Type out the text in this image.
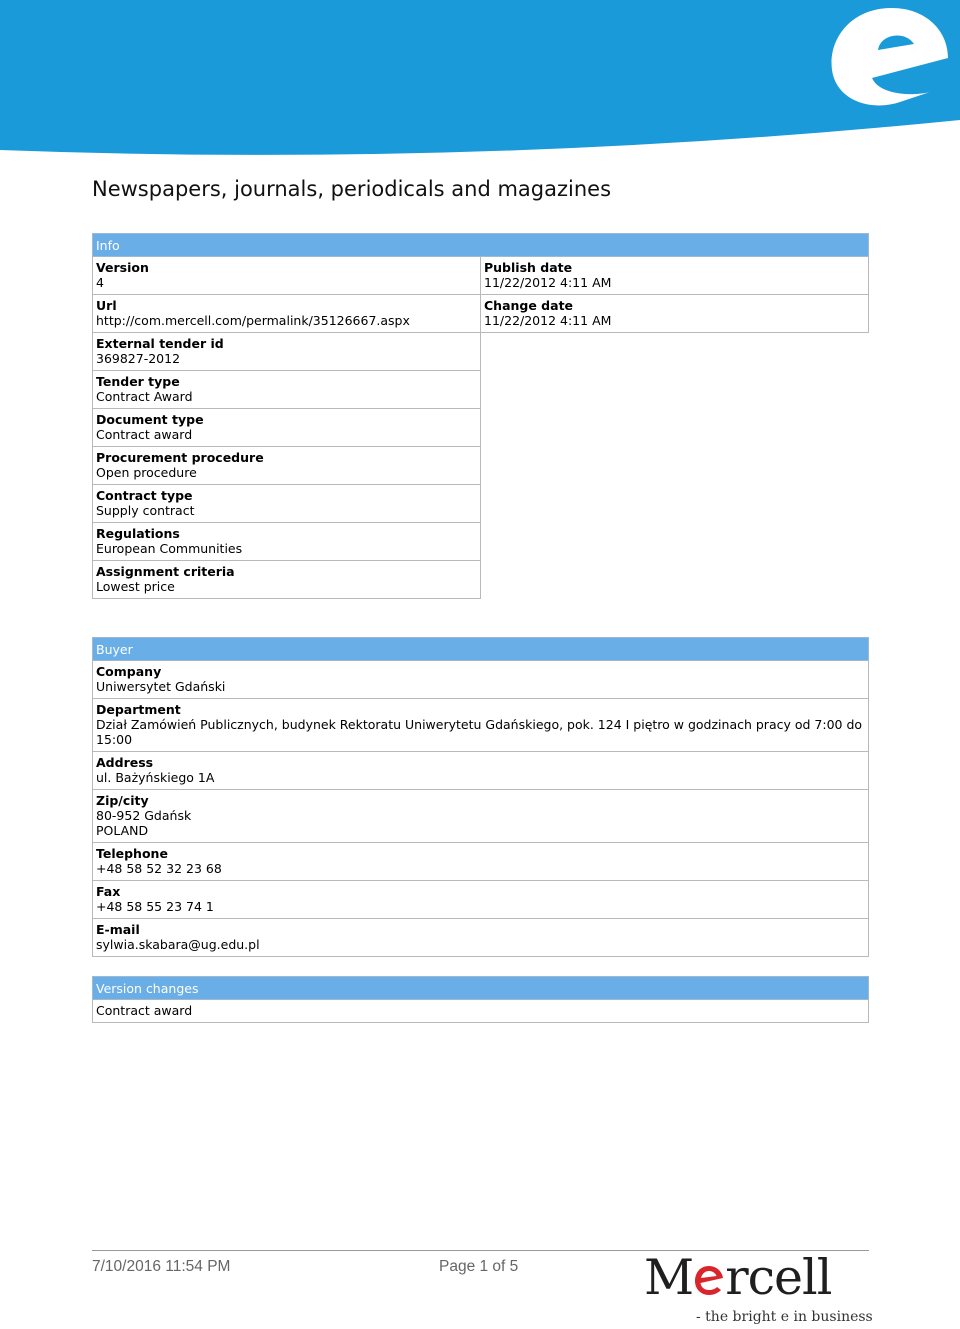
Newspapers, journals, periodicals and magazines
Info
Version
4
Url
http://com.mercell.com/permalink/35126667.aspx
External tender id
369827-2012
Tender type
Contract Award
Document type
Contract award
Procurement procedure
Open procedure
Contract type
Supply contract
Regulations
European Communities
Assignment criteria
Lowest price
Publish date
11/22/2012 4:11 AM
Change date
11/22/2012 4:11 AM
Buyer
Company
Uniwersytet Gdański
Department
Dział Zamówień Publicznych, budynek Rektoratu Uniwerytetu Gdańskiego, pok. 124 I piętro w godzinach pracy od 7:00 do 15:00
Address
ul. Bażyńskiego 1A
Zip/city
80-952 Gdańsk
POLAND
Telephone
+48 58 52 32 23 68
Fax
+48 58 55 23 74 1
E-mail
sylwia.skabara@ug.edu.pl
Version changes
Contract award
7/10/2016 11:54 PM	Page 1 of 5	M rcell
- the bright e in business
